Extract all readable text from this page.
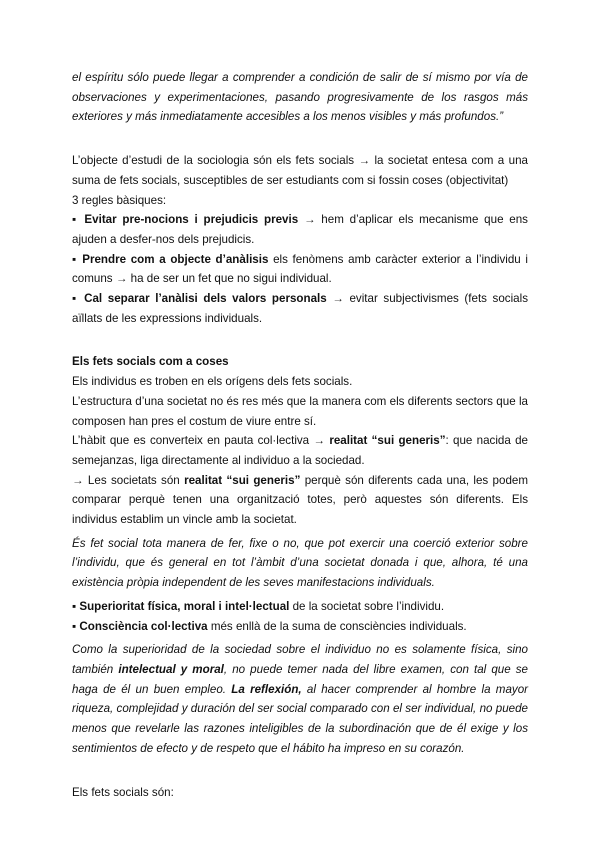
el espíritu sólo puede llegar a comprender a condición de salir de sí mismo por vía de observaciones y experimentaciones, pasando progresivamente de los rasgos más exteriores y más inmediatamente accesibles a los menos visibles y más profundos.”

L’objecte d’estudi de la sociologia són els fets socials → la societat entesa com a una suma de fets socials, susceptibles de ser estudiants com si fossin coses (objectivitat)

3 regles bàsiques:

▪ Evitar pre-nocions i prejudicis previs → hem d’aplicar els mecanisme que ens ajuden a desfer-nos dels prejudicis.

▪ Prendre com a objecte d’anàlisis els fenòmens amb caràcter exterior a l’individu i comuns → ha de ser un fet que no sigui individual.

▪ Cal separar l’anàlisi dels valors personals → evitar subjectivismes (fets socials aïllats de les expressions individuals.

Els fets socials com a coses

Els individus es troben en els orígens dels fets socials.

L’estructura d’una societat no és res més que la manera com els diferents sectors que la composen han pres el costum de viure entre sí.

L’hàbit que es converteix en pauta col·lectiva → realitat “sui generis”: que nacida de semejanzas, liga directamente al individuo a la sociedad.

→ Les societats són realitat “sui generis” perquè són diferents cada una, les podem comparar perquè tenen una organització totes, però aquestes són diferents. Els individus establim un vincle amb la societat.

És fet social tota manera de fer, fixe o no, que pot exercir una coerció exterior sobre l’individu, que és general en tot l’àmbit d’una societat donada i que, alhora, té una existència pròpia independent de les seves manifestacions individuals.

▪ Superioritat física, moral i intel·lectual de la societat sobre l’individu.

▪ Consciència col·lectiva més enllà de la suma de consciències individuals.

Como la superioridad de la sociedad sobre el individuo no es solamente física, sino también intelectual y moral, no puede temer nada del libre examen, con tal que se haga de él un buen empleo. La reflexión, al hacer comprender al hombre la mayor riqueza, complejidad y duración del ser social comparado con el ser individual, no puede menos que revelarle las razones inteligibles de la subordinación que de él exige y los sentimientos de efecto y de respeto que el hábito ha impreso en su corazón.

Els fets socials són:
